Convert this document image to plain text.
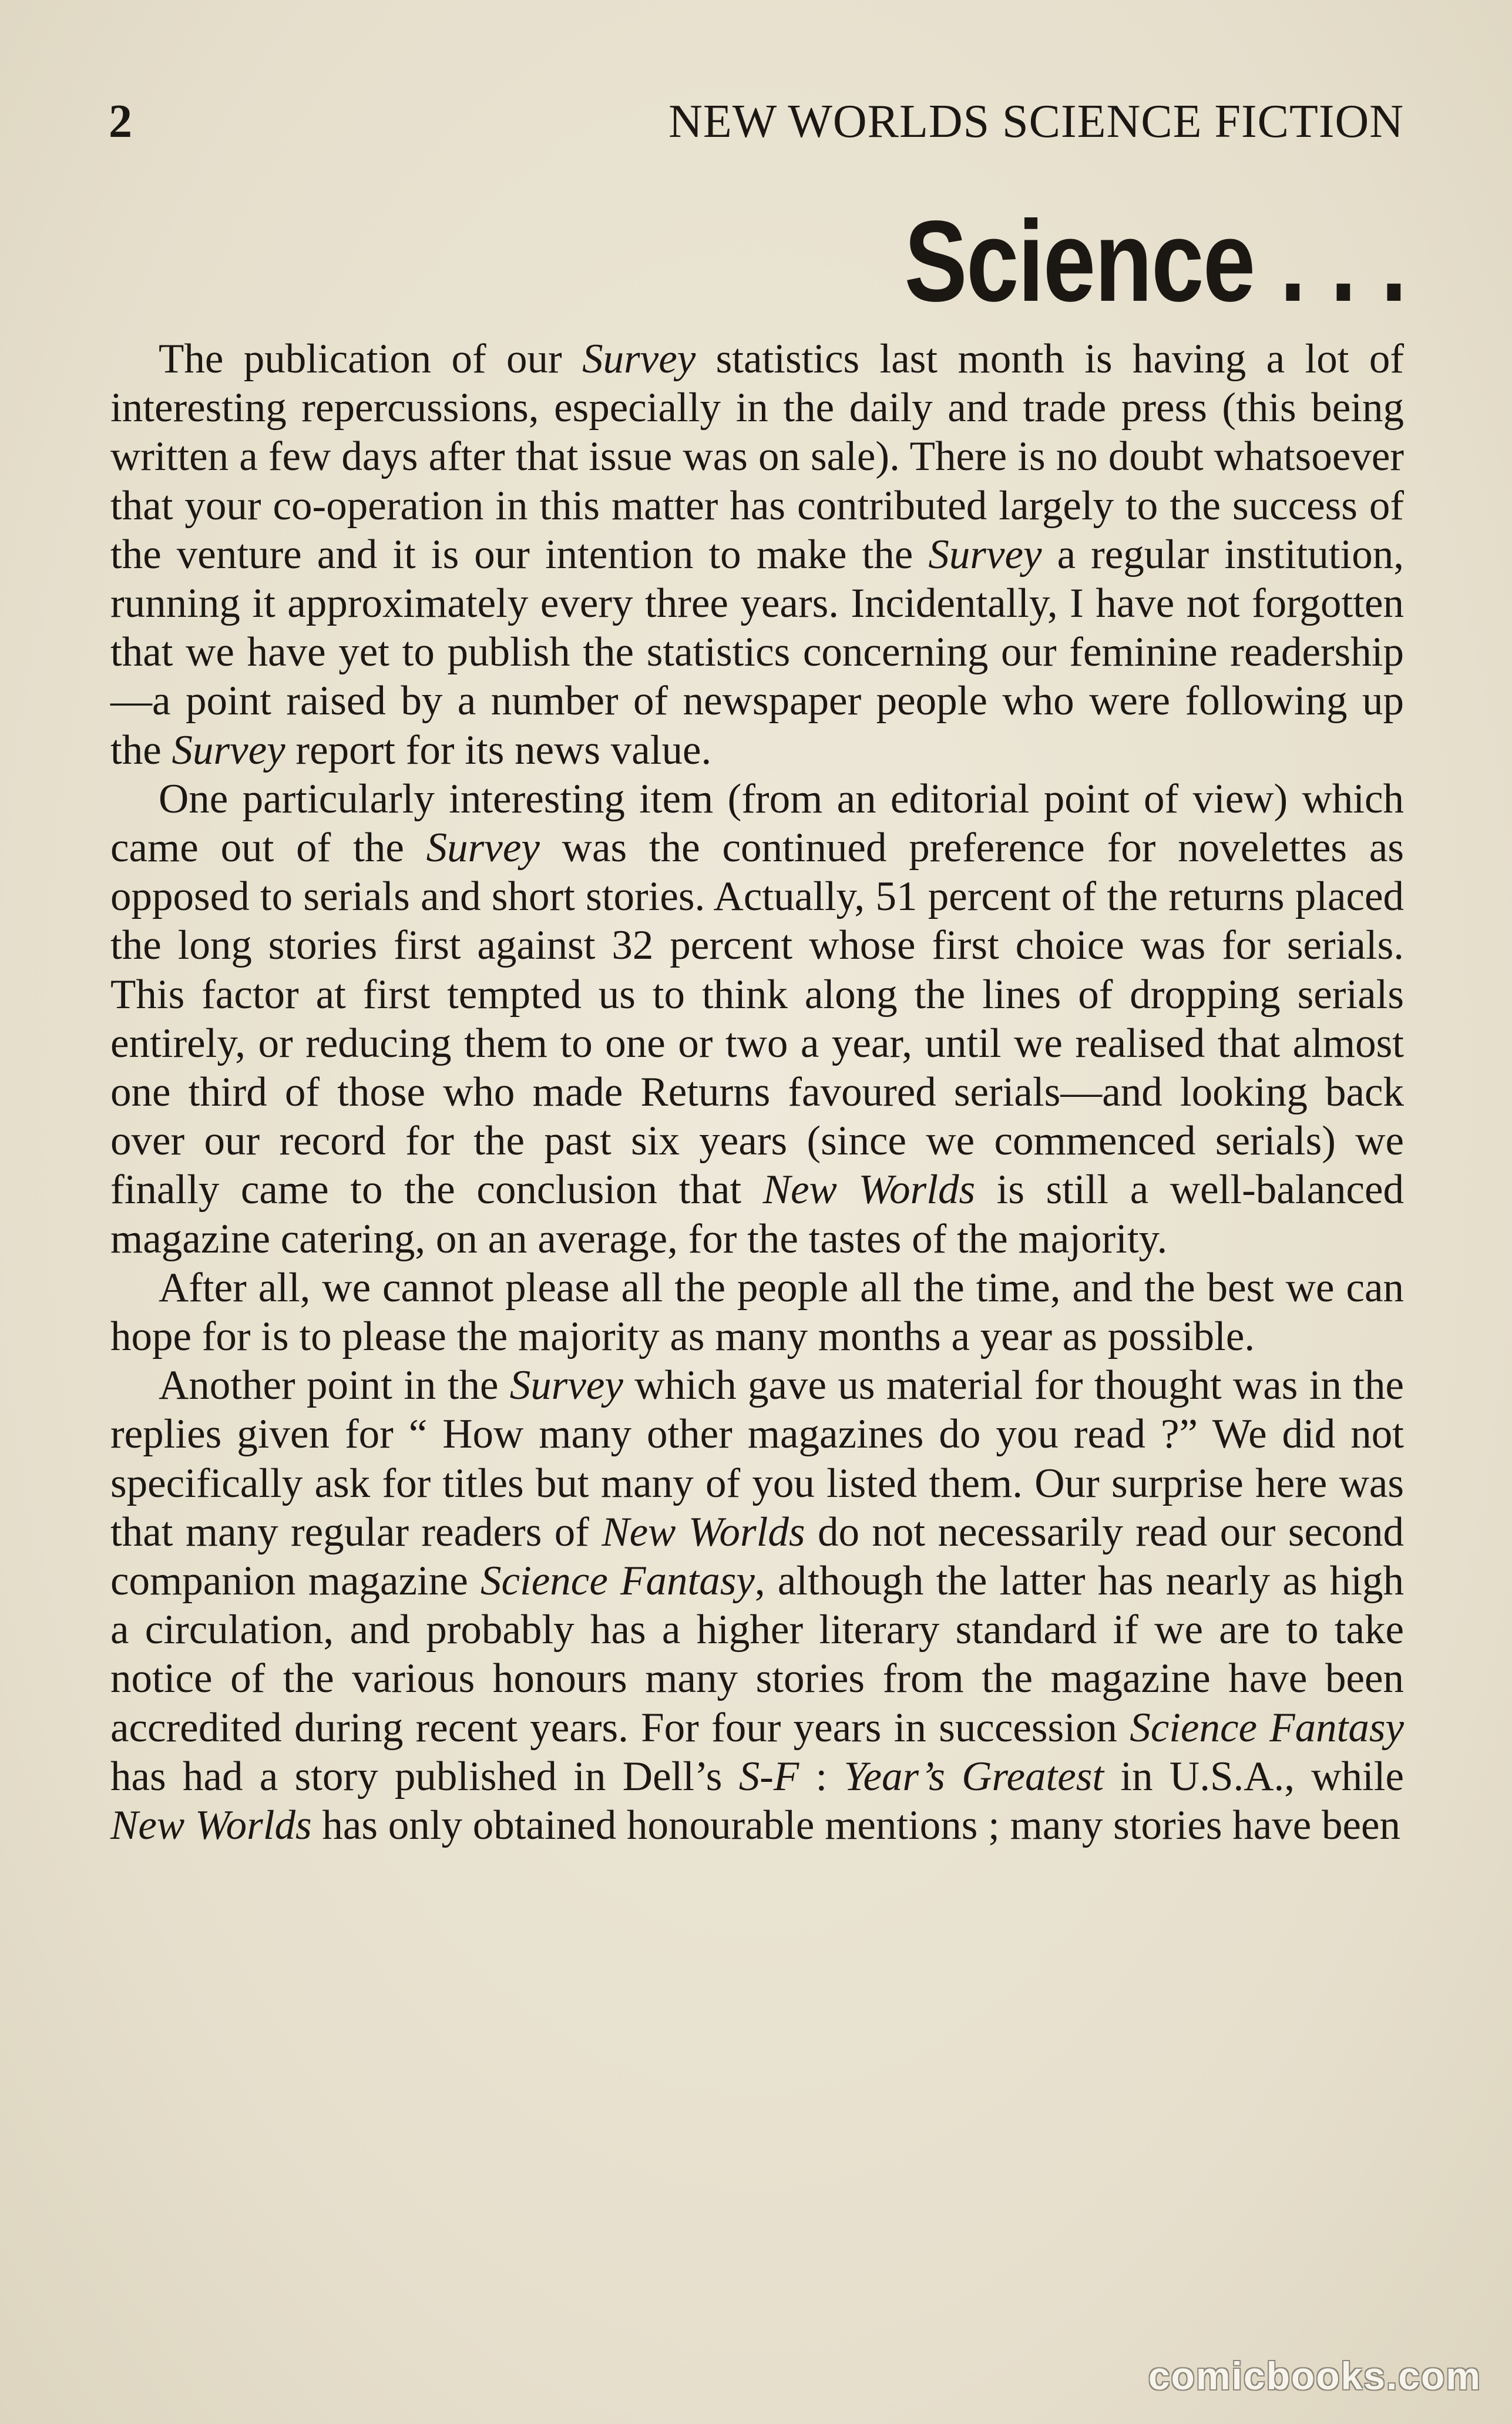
2	NEW WORLDS SCIENCE FICTION
Science . . .

The publication of our Survey statistics last month is having a lot of interesting repercussions, especially in the daily and trade press (this being written a few days after that issue was on sale). There is no doubt whatsoever that your co-operation in this matter has contributed largely to the success of the venture and it is our intention to make the Survey a regular institution, running it approximately every three years. Incidentally, I have not forgotten that we have yet to publish the statistics concerning our feminine readership—a point raised by a number of newspaper people who were following up the Survey report for its news value.

One particularly interesting item (from an editorial point of view) which came out of the Survey was the continued preference for novelettes as opposed to serials and short stories. Actually, 51 percent of the returns placed the long stories first against 32 percent whose first choice was for serials. This factor at first tempted us to think along the lines of dropping serials entirely, or reducing them to one or two a year, until we realised that almost one third of those who made Returns favoured serials—and looking back over our record for the past six years (since we commenced serials) we finally came to the conclusion that New Worlds is still a well-balanced magazine catering, on an average, for the tastes of the majority.

After all, we cannot please all the people all the time, and the best we can hope for is to please the majority as many months a year as possible.

Another point in the Survey which gave us material for thought was in the replies given for “ How many other magazines do you read ?” We did not specifically ask for titles but many of you listed them. Our surprise here was that many regular readers of New Worlds do not necessarily read our second companion magazine Science Fantasy, although the latter has nearly as high a circulation, and probably has a higher literary standard if we are to take notice of the various honours many stories from the magazine have been accredited during recent years. For four years in succession Science Fantasy has had a story published in Dell’s S-F : Year’s Greatest in U.S.A., while New Worlds has only obtained honourable mentions ; many stories have been

comicbooks.com
